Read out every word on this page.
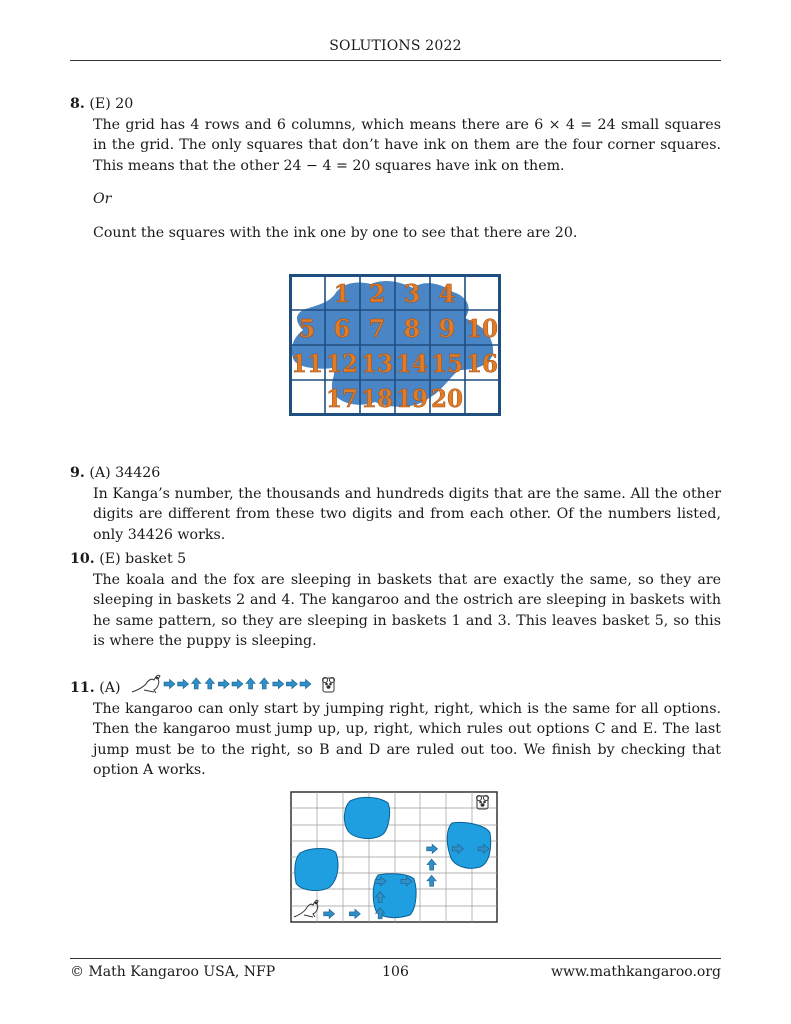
SOLUTIONS 2022
8. (E) 20

The grid has 4 rows and 6 columns, which means there are 6 × 4 = 24 small squares in the grid. The only squares that don’t have ink on them are the four corner squares. This means that the other 24 − 4 = 20 squares have ink on them.

Or

Count the squares with the ink one by one to see that there are 20.

1 2 3 4
5 6 7 8 9 10
11 12 13 14 15 16
17 18 19 20
9. (A) 34426

In Kanga’s number, the thousands and hundreds digits that are the same. All the other digits are different from these two digits and from each other. Of the numbers listed, only 34426 works.

10. (E) basket 5

The koala and the fox are sleeping in baskets that are exactly the same, so they are sleeping in baskets 2 and 4. The kangaroo and the ostrich are sleeping in baskets with he same pattern, so they are sleeping in baskets 1 and 3. This leaves basket 5, so this is where the puppy is sleeping.

11. (A)

The kangaroo can only start by jumping right, right, which is the same for all options. Then the kangaroo must jump up, up, right, which rules out options C and E. The last jump must be to the right, so B and D are ruled out too. We finish by checking that option A works.

© Math Kangaroo USA, NFP	106	www.mathkangaroo.org
